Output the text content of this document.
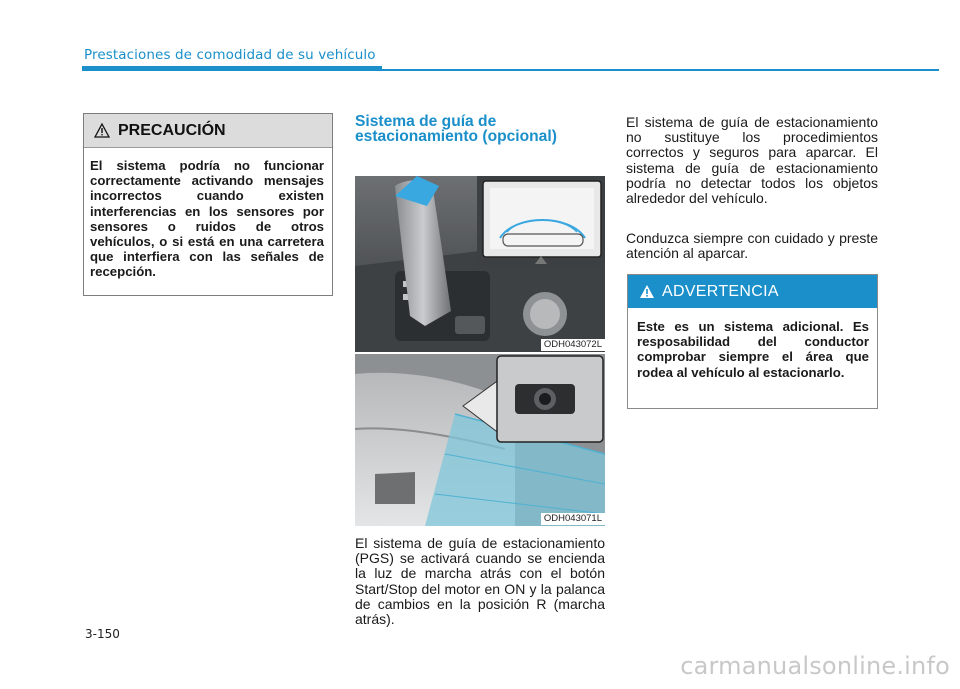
Prestaciones de comodidad de su vehículo
PRECAUCIÓN

El sistema podría no funcionar correctamente activando mensajes incorrectos cuando existen interferencias en los sensores por sensores o ruidos de otros vehículos, o si está en una carretera que interfiera con las señales de recepción.

Sistema de guía de estacionamiento (opcional)
ODH043072L
ODH043071L

El sistema de guía de estacionamiento (PGS) se activará cuando se encienda la luz de marcha atrás con el botón Start/Stop del motor en ON y la palanca de cambios en la posición R (marcha atrás).

El sistema de guía de estacionamiento no sustituye los procedimientos correctos y seguros para aparcar. El sistema de guía de estacionamiento podría no detectar todos los objetos alrededor del vehículo.

Conduzca siempre con cuidado y preste atención al aparcar.

ADVERTENCIA

Este es un sistema adicional. Es resposabilidad del conductor comprobar siempre el área que rodea al vehículo al estacionarlo.

3-150
carmanualsonline.info
